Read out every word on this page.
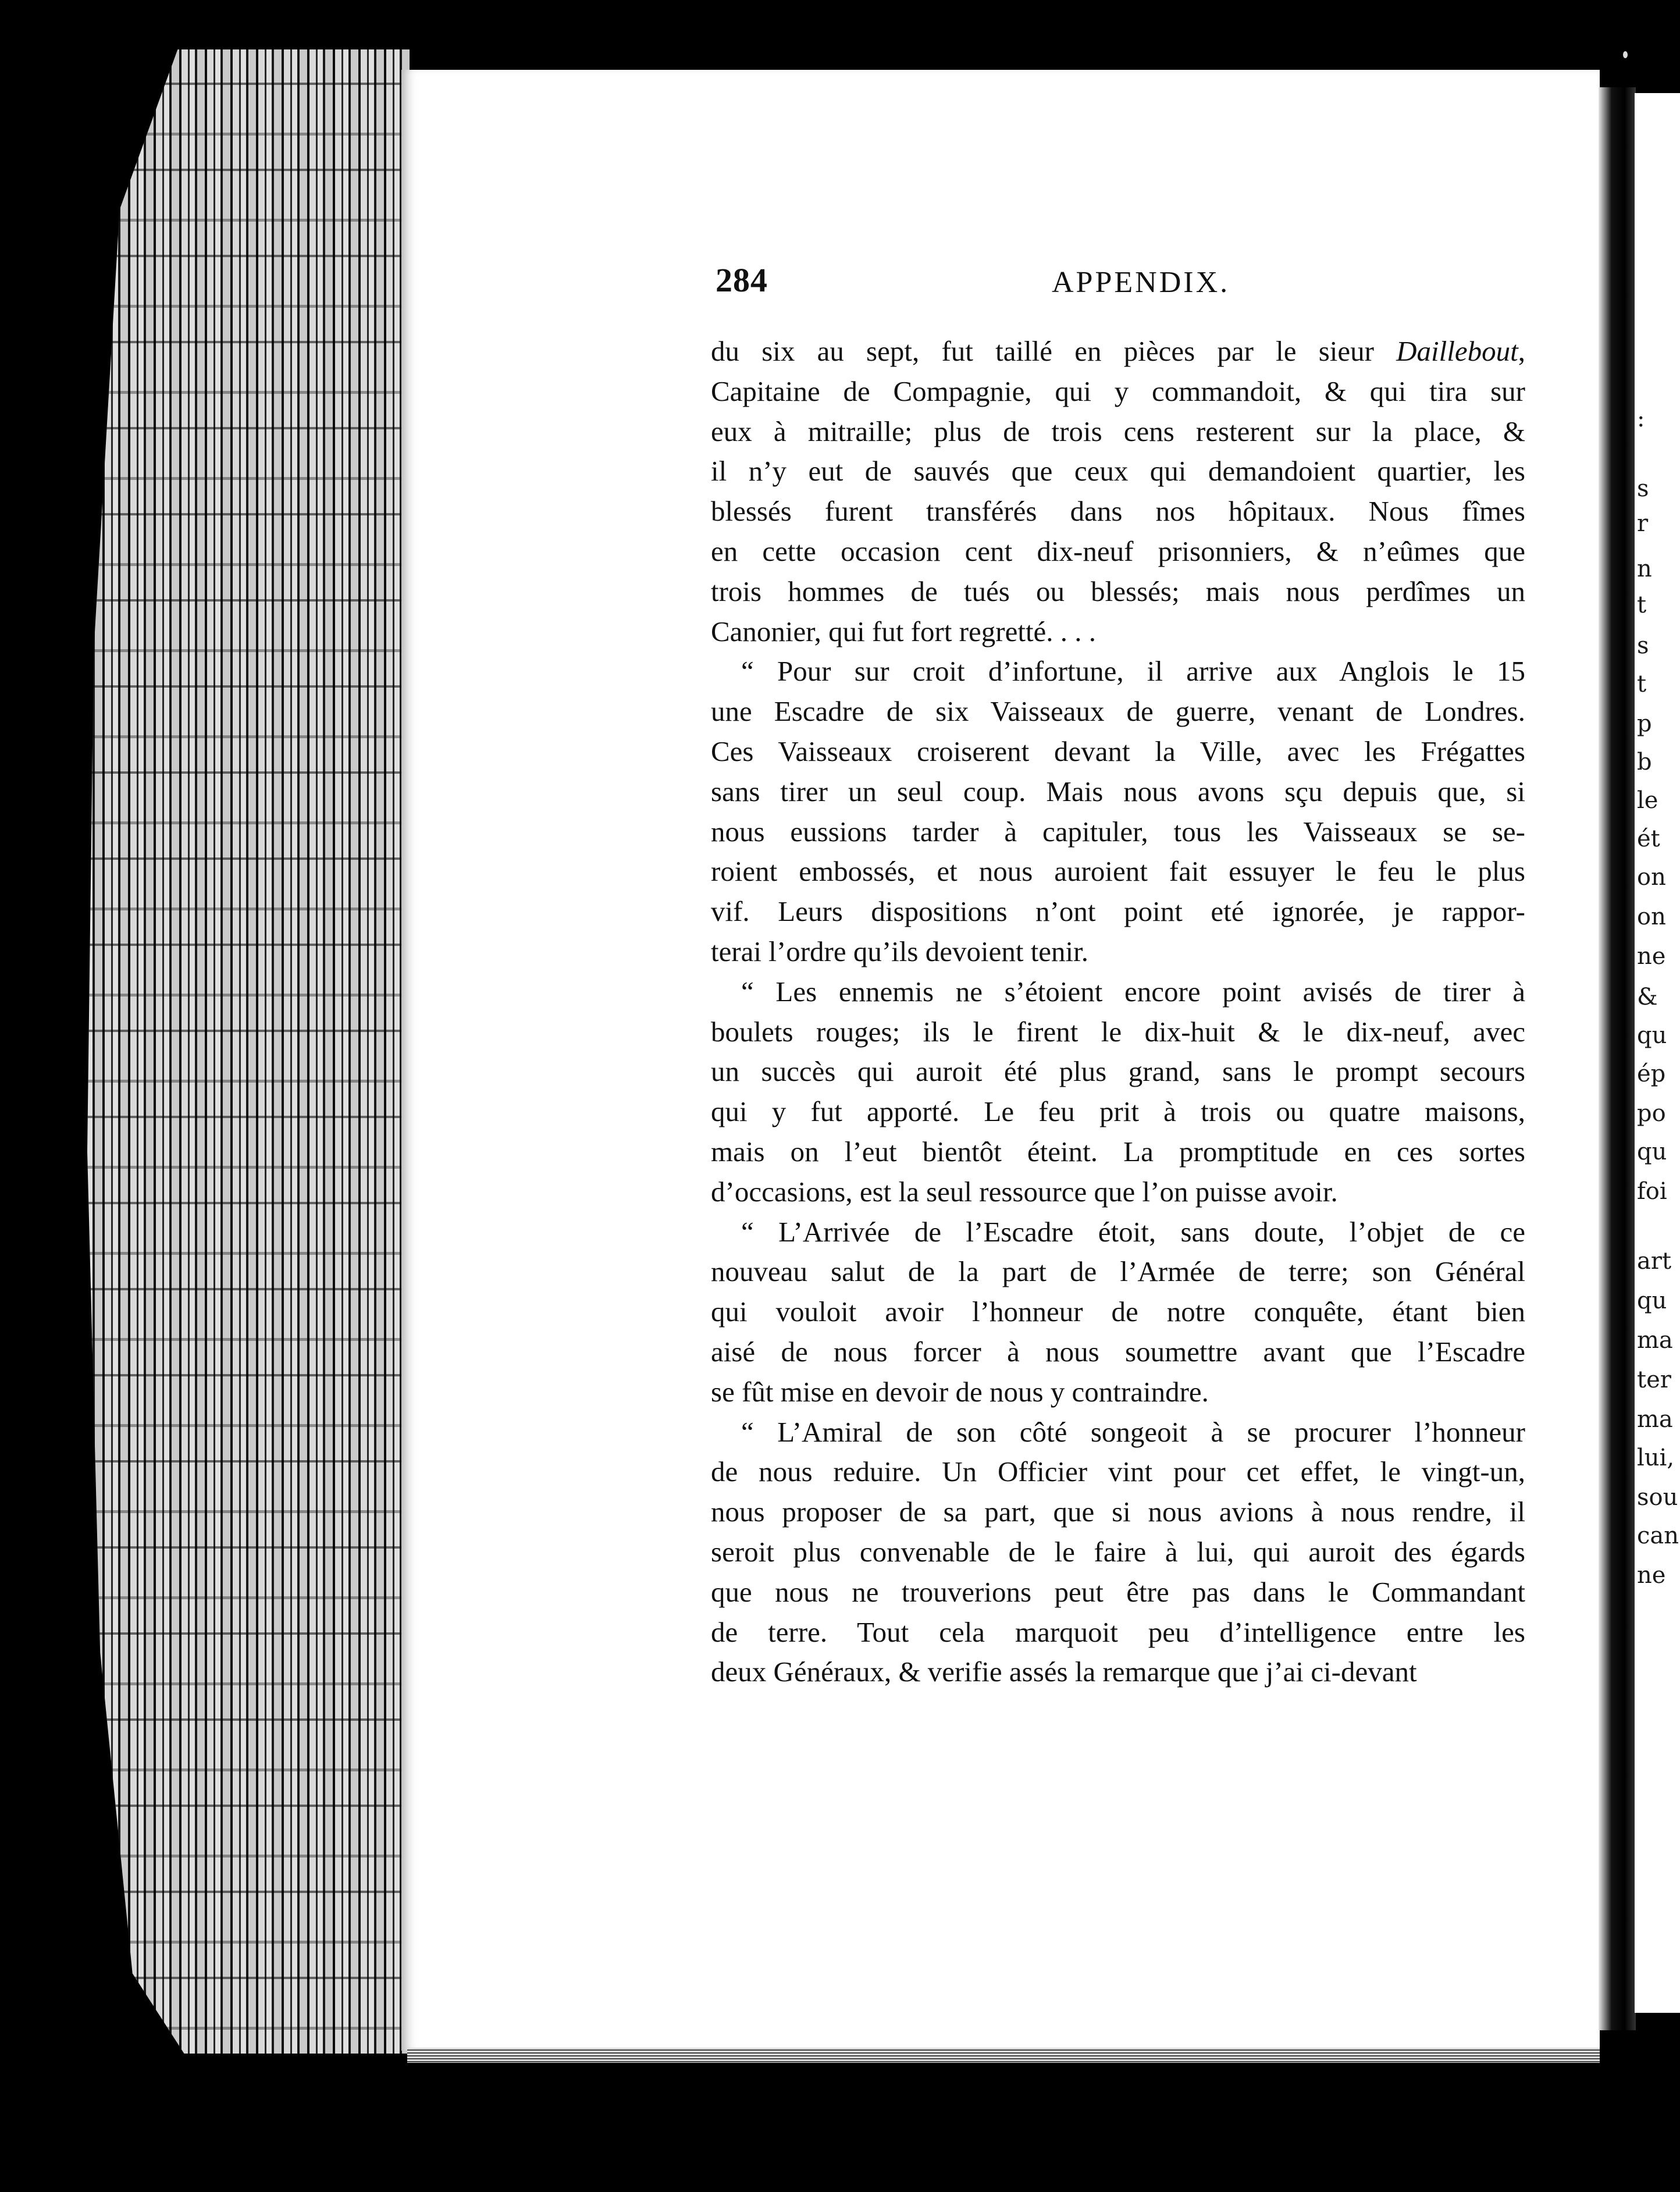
:
s
r
n
t
s
t
p
b
le
ét
on
on
ne
&
qu
ép
po
qu
foi
art
qu
ma
ter
ma
lui,
sou
can
ne
284	APPENDIX.
du six au sept, fut taillé en pièces par le sieur Daillebout,
Capitaine de Compagnie, qui y commandoit, & qui tira sur
eux à mitraille; plus de trois cens resterent sur la place, &
il n’y eut de sauvés que ceux qui demandoient quartier, les
blessés furent transférés dans nos hôpitaux. Nous fîmes
en cette occasion cent dix-neuf prisonniers, & n’eûmes que
trois hommes de tués ou blessés; mais nous perdîmes un
Canonier, qui fut fort regretté. . . .
“ Pour sur croit d’infortune, il arrive aux Anglois le 15
une Escadre de six Vaisseaux de guerre, venant de Londres.
Ces Vaisseaux croiserent devant la Ville, avec les Frégattes
sans tirer un seul coup. Mais nous avons sçu depuis que, si
nous eussions tarder à capituler, tous les Vaisseaux se se-
roient embossés, et nous auroient fait essuyer le feu le plus
vif. Leurs dispositions n’ont point eté ignorée, je rappor-
terai l’ordre qu’ils devoient tenir.
“ Les ennemis ne s’étoient encore point avisés de tirer à
boulets rouges; ils le firent le dix-huit & le dix-neuf, avec
un succès qui auroit été plus grand, sans le prompt secours
qui y fut apporté. Le feu prit à trois ou quatre maisons,
mais on l’eut bientôt éteint. La promptitude en ces sortes
d’occasions, est la seul ressource que l’on puisse avoir.
“ L’Arrivée de l’Escadre étoit, sans doute, l’objet de ce
nouveau salut de la part de l’Armée de terre; son Général
qui vouloit avoir l’honneur de notre conquête, étant bien
aisé de nous forcer à nous soumettre avant que l’Escadre
se fût mise en devoir de nous y contraindre.
“ L’Amiral de son côté songeoit à se procurer l’honneur
de nous reduire. Un Officier vint pour cet effet, le vingt-un,
nous proposer de sa part, que si nous avions à nous rendre, il
seroit plus convenable de le faire à lui, qui auroit des égards
que nous ne trouverions peut être pas dans le Commandant
de terre. Tout cela marquoit peu d’intelligence entre les
deux Généraux, & verifie assés la remarque que j’ai ci-devant
